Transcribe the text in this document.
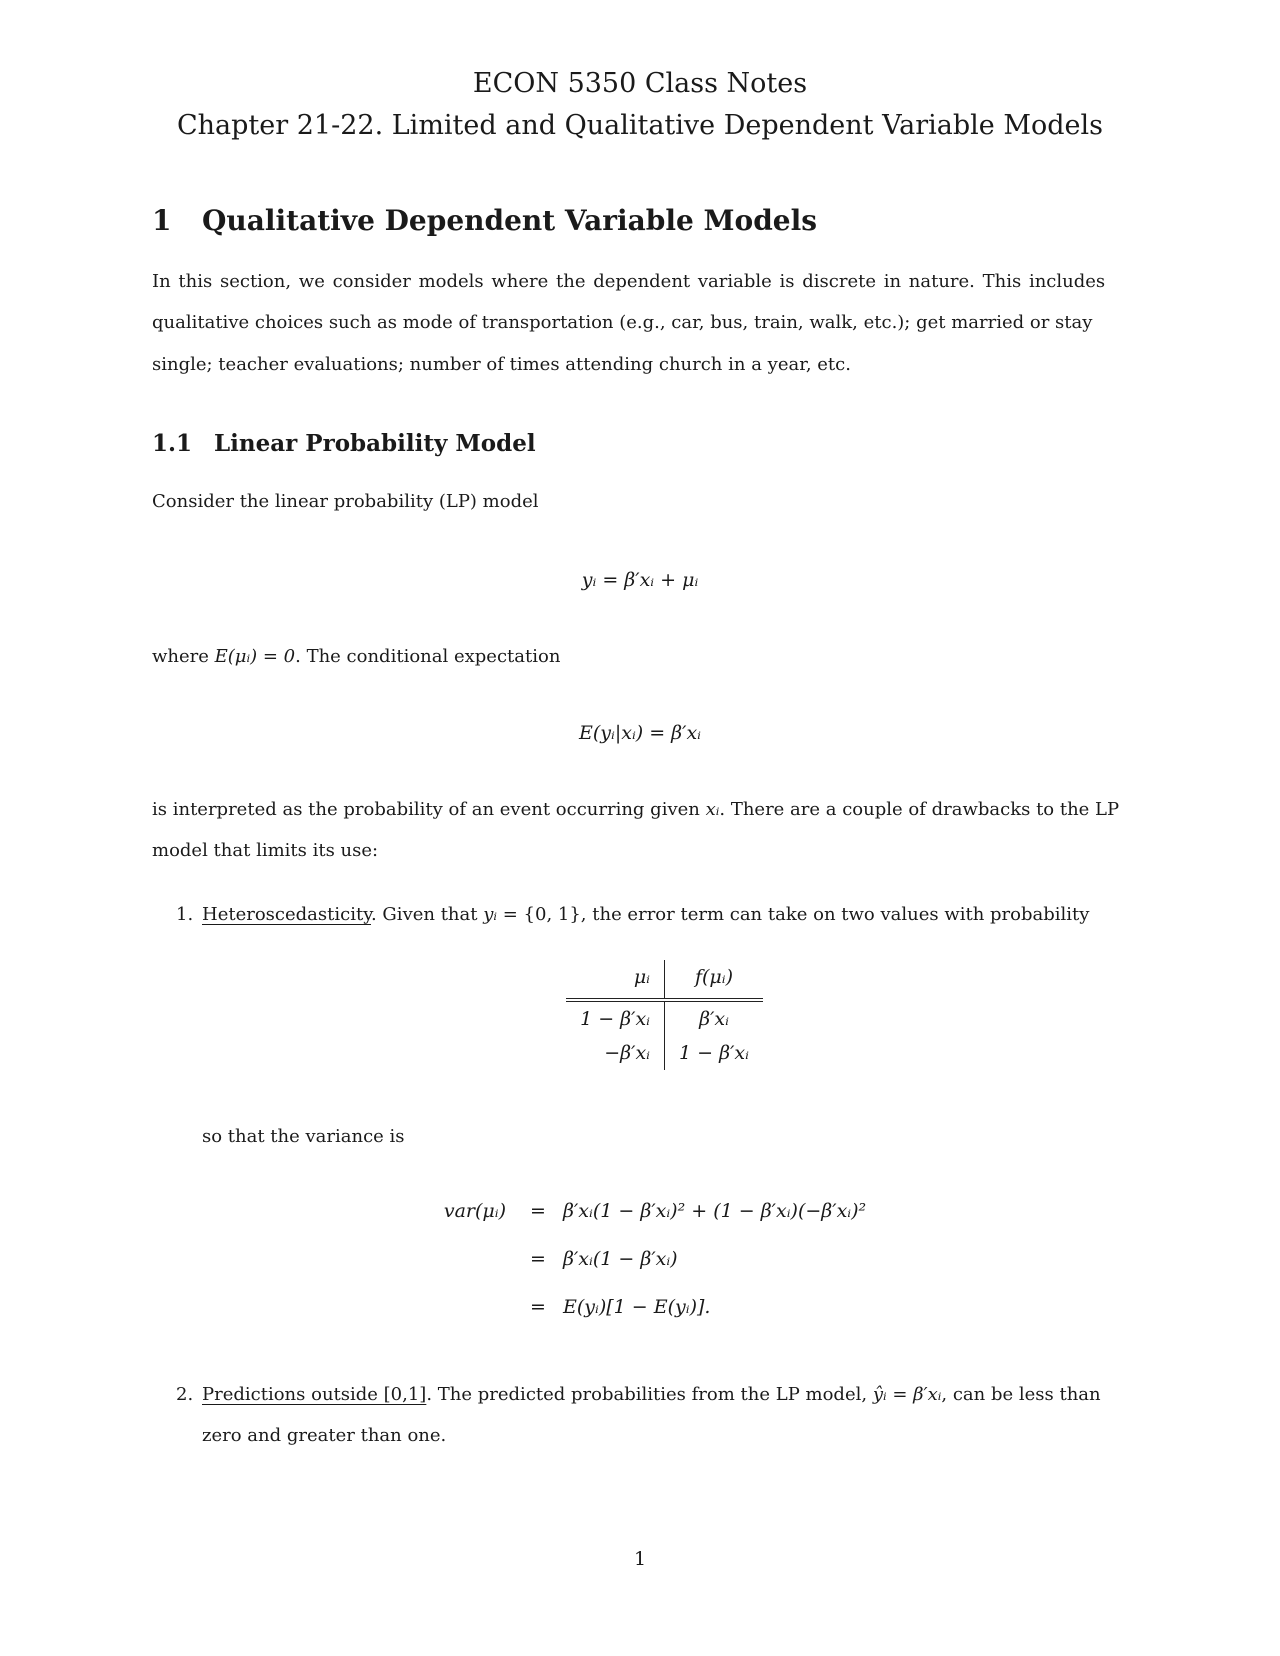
ECON 5350 Class Notes
Chapter 21-22. Limited and Qualitative Dependent Variable Models
1 Qualitative Dependent Variable Models
In this section, we consider models where the dependent variable is discrete in nature. This includes
qualitative choices such as mode of transportation (e.g., car, bus, train, walk, etc.); get married or stay
single; teacher evaluations; number of times attending church in a year, etc.
1.1 Linear Probability Model
Consider the linear probability (LP) model
yᵢ = β′xᵢ + μᵢ
where E(μᵢ) = 0. The conditional expectation
E(yᵢ|xᵢ) = β′xᵢ
is interpreted as the probability of an event occurring given xᵢ. There are a couple of drawbacks to the LP
model that limits its use:
1. Heteroscedasticity. Given that yᵢ = {0, 1}, the error term can take on two values with probability
μᵢ	f(μᵢ)
1 − β′xᵢ	β′xᵢ
−β′xᵢ	1 − β′xᵢ
so that the variance is
var(μᵢ) = β′xᵢ(1 − β′xᵢ)² + (1 − β′xᵢ)(−β′xᵢ)²
= β′xᵢ(1 − β′xᵢ)
= E(yᵢ)[1 − E(yᵢ)].
2. Predictions outside [0,1]. The predicted probabilities from the LP model, ŷᵢ = β′xᵢ, can be less than
zero and greater than one.
1
